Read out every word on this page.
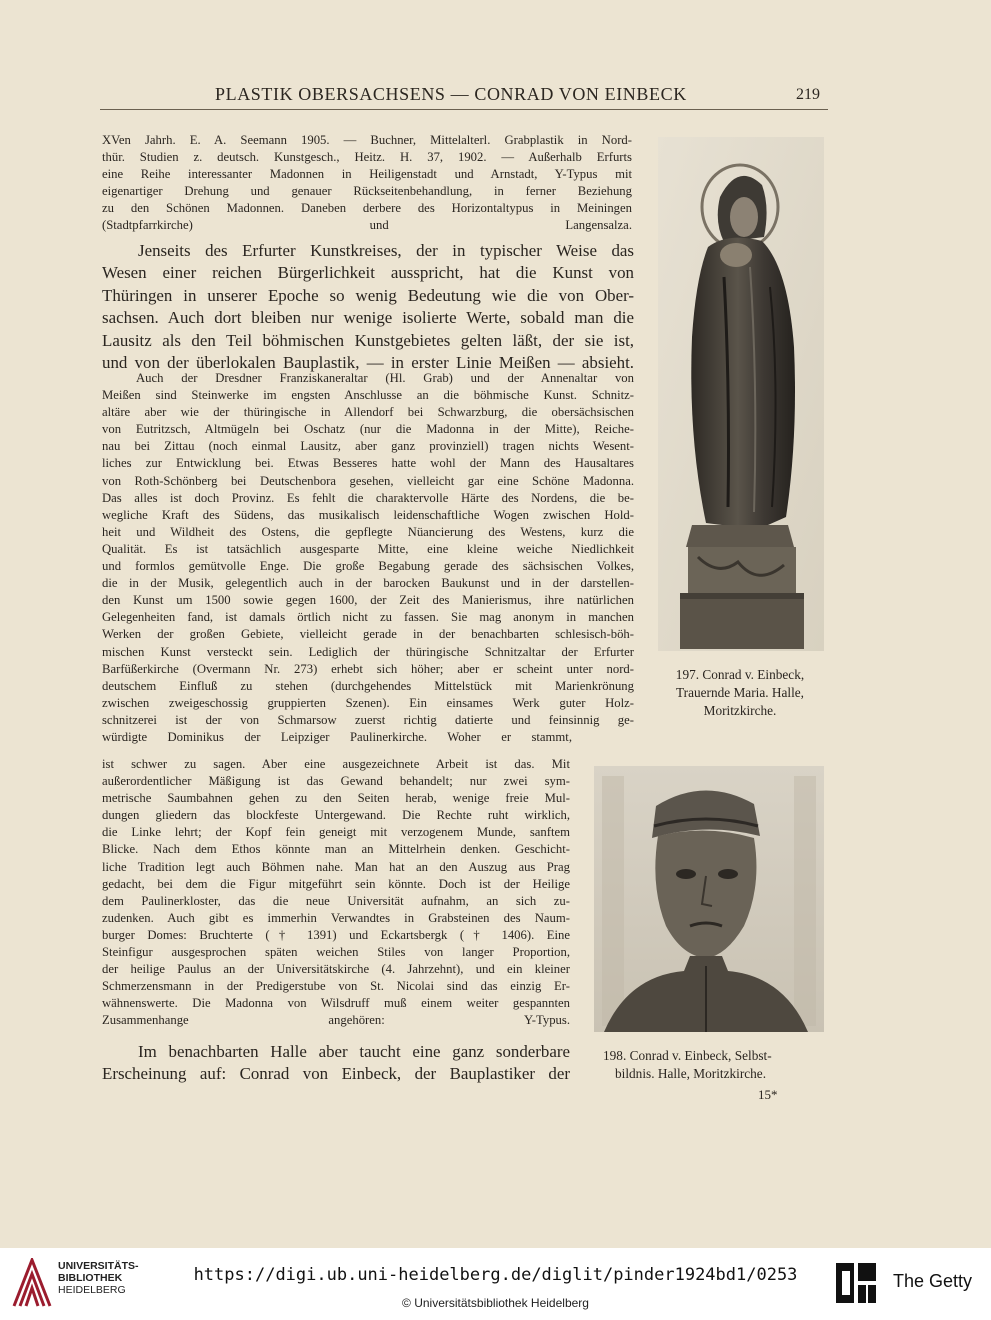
PLASTIK OBERSACHSENS — CONRAD VON EINBECK	219
XVen Jahrh. E. A. Seemann 1905. — Buchner, Mittelalterl. Grabplastik in Nord-
thür. Studien z. deutsch. Kunstgesch., Heitz. H. 37, 1902. — Außerhalb Erfurts
eine Reihe interessanter Madonnen in Heiligenstadt und Arnstadt, Y-Typus mit
eigenartiger Drehung und genauer Rückseitenbehandlung, in ferner Beziehung
zu den Schönen Madonnen. Daneben derbere des Horizontaltypus in Meiningen
(Stadtpfarrkirche) und Langensalza.
Jenseits des Erfurter Kunstkreises, der in typischer Weise das
Wesen einer reichen Bürgerlichkeit ausspricht, hat die Kunst von
Thüringen in unserer Epoche so wenig Bedeutung wie die von Ober-
sachsen. Auch dort bleiben nur wenige isolierte Werte, sobald man die
Lausitz als den Teil böhmischen Kunstgebietes gelten läßt, der sie ist,
und von der überlokalen Bauplastik, — in erster Linie Meißen — absieht.
Auch der Dresdner Franziskaneraltar (Hl. Grab) und der Annenaltar von
Meißen sind Steinwerke im engsten Anschlusse an die böhmische Kunst. Schnitz-
altäre aber wie der thüringische in Allendorf bei Schwarzburg, die obersächsischen
von Eutritzsch, Altmügeln bei Oschatz (nur die Madonna in der Mitte), Reiche-
nau bei Zittau (noch einmal Lausitz, aber ganz provinziell) tragen nichts Wesent-
liches zur Entwicklung bei. Etwas Besseres hatte wohl der Mann des Hausaltares
von Roth-Schönberg bei Deutschenbora gesehen, vielleicht gar eine Schöne Madonna.
Das alles ist doch Provinz. Es fehlt die charaktervolle Härte des Nordens, die be-
wegliche Kraft des Südens, das musikalisch leidenschaftliche Wogen zwischen Hold-
heit und Wildheit des Ostens, die gepflegte Nüancierung des Westens, kurz die
Qualität. Es ist tatsächlich ausgesparte Mitte, eine kleine weiche Niedlichkeit
und formlos gemütvolle Enge. Die große Begabung gerade des sächsischen Volkes,
die in der Musik, gelegentlich auch in der barocken Baukunst und in der darstellen-
den Kunst um 1500 sowie gegen 1600, der Zeit des Manierismus, ihre natürlichen
Gelegenheiten fand, ist damals örtlich nicht zu fassen. Sie mag anonym in manchen
Werken der großen Gebiete, vielleicht gerade in der benachbarten schlesisch-böh-
mischen Kunst versteckt sein. Lediglich der thüringische Schnitzaltar der Erfurter
Barfüßerkirche (Overmann Nr. 273) erhebt sich höher; aber er scheint unter nord-
deutschem Einfluß zu stehen (durchgehendes Mittelstück mit Marienkrönung
zwischen zweigeschossig gruppierten Szenen). Ein einsames Werk guter Holz-
schnitzerei ist der von Schmarsow zuerst richtig datierte und feinsinnig ge-
würdigte Dominikus der Leipziger Paulinerkirche. Woher er stammt,
ist schwer zu sagen. Aber eine ausgezeichnete Arbeit ist das. Mit
außerordentlicher Mäßigung ist das Gewand behandelt; nur zwei sym-
metrische Saumbahnen gehen zu den Seiten herab, wenige freie Mul-
dungen gliedern das blockfeste Untergewand. Die Rechte ruht wirklich,
die Linke lehrt; der Kopf fein geneigt mit verzogenem Munde, sanftem
Blicke. Nach dem Ethos könnte man an Mittelrhein denken. Geschicht-
liche Tradition legt auch Böhmen nahe. Man hat an den Auszug aus Prag
gedacht, bei dem die Figur mitgeführt sein könnte. Doch ist der Heilige
dem Paulinerkloster, das die neue Universität aufnahm, an sich zu-
zudenken. Auch gibt es immerhin Verwandtes in Grabsteinen des Naum-
burger Domes: Bruchterte († 1391) und Eckartsbergk († 1406). Eine
Steinfigur ausgesprochen späten weichen Stiles von langer Proportion,
der heilige Paulus an der Universitätskirche (4. Jahrzehnt), und ein kleiner
Schmerzensmann in der Predigerstube von St. Nicolai sind das einzig Er-
wähnenswerte. Die Madonna von Wilsdruff muß einem weiter gespannten
Zusammenhange angehören: Y-Typus.
Im benachbarten Halle aber taucht eine ganz sonderbare
Erscheinung auf: Conrad von Einbeck, der Bauplastiker der

197. Conrad v. Einbeck,
Trauernde Maria. Halle,
Moritzkirche.

198. Conrad v. Einbeck, Selbst-
bildnis. Halle, Moritzkirche.

15*
UNIVERSITÄTS-
BIBLIOTHEK
HEIDELBERG
https://digi.ub.uni-heidelberg.de/diglit/pinder1924bd1/0253
© Universitätsbibliothek Heidelberg
The Getty
